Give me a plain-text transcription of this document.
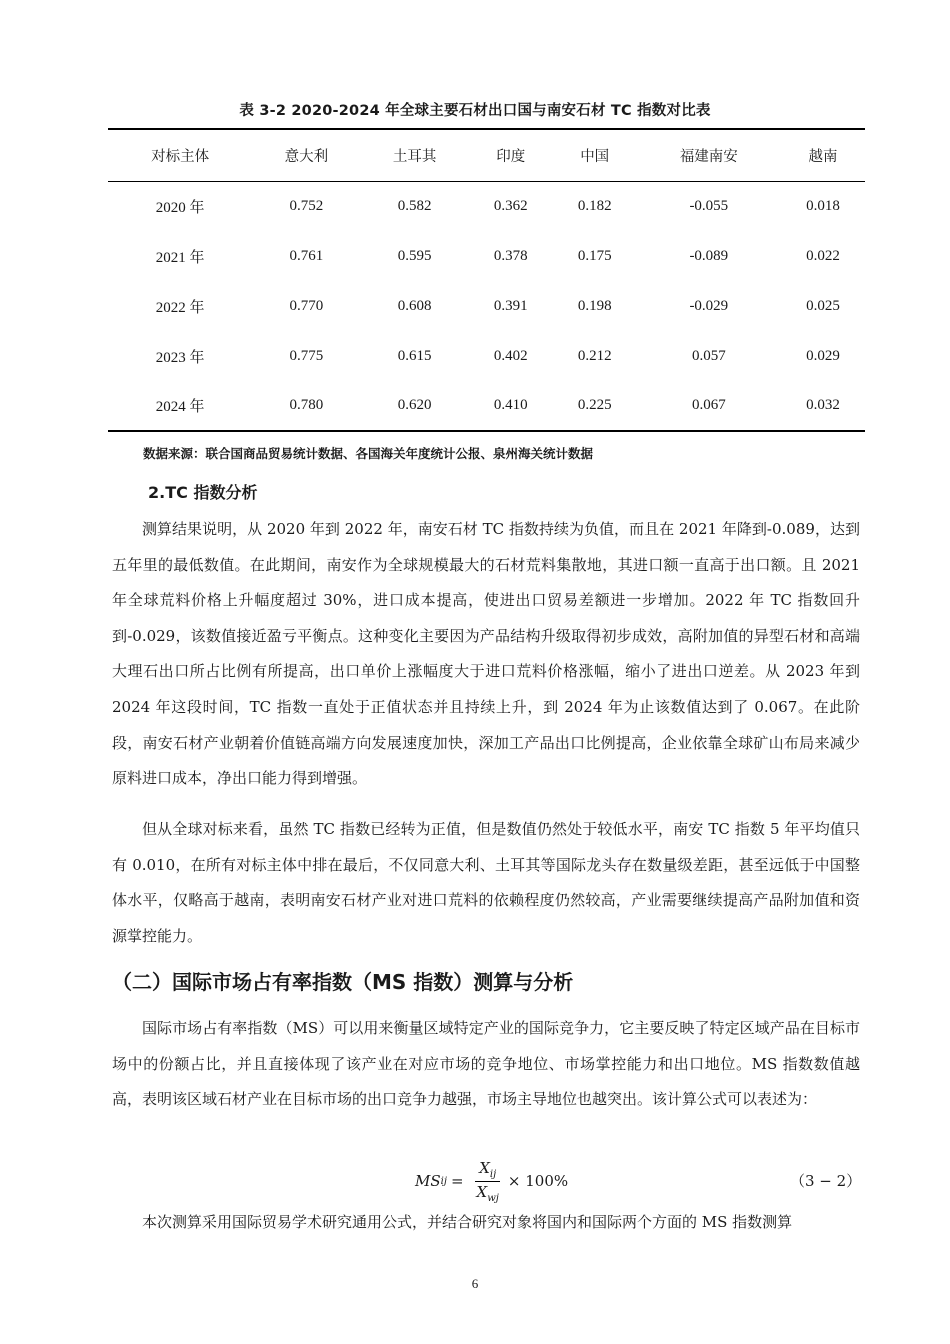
表 3-2 2020-2024 年全球主要石材出口国与南安石材 TC 指数对比表
对标主体	意大利	土耳其	印度	中国	福建南安	越南
2020 年	0.752	0.582	0.362	0.182	-0.055	0.018
2021 年	0.761	0.595	0.378	0.175	-0.089	0.022
2022 年	0.770	0.608	0.391	0.198	-0.029	0.025
2023 年	0.775	0.615	0.402	0.212	0.057	0.029
2024 年	0.780	0.620	0.410	0.225	0.067	0.032
数据来源：联合国商品贸易统计数据、各国海关年度统计公报、泉州海关统计数据
2.TC 指数分析

测算结果说明，从 2020 年到 2022 年，南安石材 TC 指数持续为负值，而且在 2021 年降到-0.089，达到五年里的最低数值。在此期间，南安作为全球规模最大的石材荒料集散地，其进口额一直高于出口额。且 2021 年全球荒料价格上升幅度超过 30%，进口成本提高，使进出口贸易差额进一步增加。2022 年 TC 指数回升到-0.029，该数值接近盈亏平衡点。这种变化主要因为产品结构升级取得初步成效，高附加值的异型石材和高端大理石出口所占比例有所提高，出口单价上涨幅度大于进口荒料价格涨幅，缩小了进出口逆差。从 2023 年到 2024 年这段时间，TC 指数一直处于正值状态并且持续上升，到 2024 年为止该数值达到了 0.067。在此阶段，南安石材产业朝着价值链高端方向发展速度加快，深加工产品出口比例提高，企业依靠全球矿山布局来减少原料进口成本，净出口能力得到增强。

但从全球对标来看，虽然 TC 指数已经转为正值，但是数值仍然处于较低水平，南安 TC 指数 5 年平均值只有 0.010，在所有对标主体中排在最后，不仅同意大利、土耳其等国际龙头存在数量级差距，甚至远低于中国整体水平，仅略高于越南，表明南安石材产业对进口荒料的依赖程度仍然较高，产业需要继续提高产品附加值和资源掌控能力。

（二）国际市场占有率指数（MS 指数）测算与分析

国际市场占有率指数（MS）可以用来衡量区域特定产业的国际竞争力，它主要反映了特定区域产品在目标市场中的份额占比，并且直接体现了该产业在对应市场的竞争地位、市场掌控能力和出口地位。MS 指数数值越高，表明该区域石材产业在目标市场的出口竞争力越强，市场主导地位也越突出。该计算公式可以表述为：

MS ij = $\frac{X_{ij}}{X_{wj}} \times 100\%$	（3 − 2）

本次测算采用国际贸易学术研究通用公式，并结合研究对象将国内和国际两个方面的 MS 指数测算

6
